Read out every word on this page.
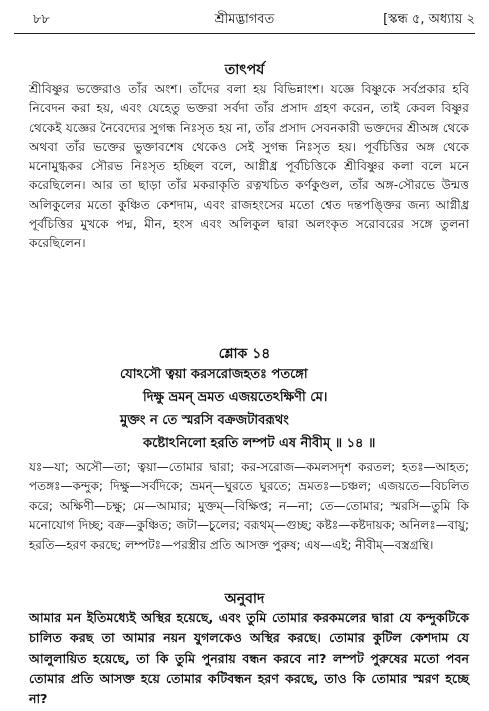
৮৮	শ্রীমদ্ভাগবত	[স্কন্ধ ৫, অধ্যায় ২
তাৎপর্য
শ্রীবিষ্ণুর ভক্তেরাও তাঁর অংশ। তাঁদের বলা হয় বিভিন্নাংশ। যজ্ঞে বিষ্ণুকে সর্বপ্রকার হবি নিবেদন করা হয়, এবং যেহেতু ভক্তরা সর্বদা তাঁর প্রসাদ গ্রহণ করেন, তাই কেবল বিষ্ণুর থেকেই যজ্ঞের নৈবেদ্যের সুগন্ধ নিঃসৃত হয় না, তাঁর প্রসাদ সেবনকারী ভক্তদের শ্রীঅঙ্গ থেকে অথবা তাঁর ভক্তের ভুক্তাবশেষ থেকেও সেই সুগন্ধ নিঃসৃত হয়। পূর্বচিত্তির অঙ্গ থেকে মনোমুগ্ধকর সৌরভ নিঃসৃত হচ্ছিল বলে, আগ্নীধ্র পূর্বচিত্তিকে শ্রীবিষ্ণুর কলা বলে মনে করেছিলেন। আর তা ছাড়া তাঁর মকরাকৃতি রত্নখচিত কর্ণকুণ্ডল, তাঁর অঙ্গ-সৌরভে উন্মত্ত অলিকুলের মতো কুঞ্চিত কেশদাম, এবং রাজহংসের মতো শ্বেত দন্তপঙ্ক্তির জন্য আগ্নীধ্র পূর্বচিত্তির মুখকে পদ্ম, মীন, হংস এবং অলিকুল দ্বারা অলংকৃত সরোবরের সঙ্গে তুলনা করেছিলেন।
শ্লোক ১৪
যোঽসৌ ত্বয়া করসরোজহতঃ পতঙ্গো
দিক্ষু ভ্রমন্ ভ্রমত এজয়তেঽক্ষিণী মে।
মুক্তং ন তে স্মরসি বক্রজটাবরূথং
কষ্টোঽনিলো হরতি লম্পট এষ নীবীম্ ॥ ১৪ ॥
যঃ—যা; অসৌ—তা; ত্বয়া—তোমার দ্বারা; কর-সরোজ—কমলসদৃশ করতল; হতঃ—আহত; পতঙ্গঃ—কন্দুক; দিক্ষু—সর্বদিকে; ভ্রমন্—ঘুরতে ঘুরতে; ভ্রমতঃ—চঞ্চল; এজয়তে—বিচলিত করে; অক্ষিণী—চক্ষু; মে—আমার; মুক্তম্—বিক্ষিপ্ত; ন—না; তে—তোমার; স্মরসি—তুমি কি মনোযোগ দিচ্ছ; বক্র—কুঞ্চিত; জটা—চুলের; বরূথম্—গুচ্ছ; কষ্টঃ—কষ্টদায়ক; অনিলঃ—বায়ু; হরতি—হরণ করছে; লম্পটঃ—পরস্ত্রীর প্রতি আসক্ত পুরুষ; এষ—এই; নীবীম্—বস্ত্রগ্রন্থি।
অনুবাদ
আমার মন ইতিমধ্যেই অস্থির হয়েছে, এবং তুমি তোমার করকমলের দ্বারা যে কন্দুকটিকে চালিত করছ তা আমার নয়ন যুগলকেও অস্থির করছে। তোমার কুটিল কেশদাম যে আলুলায়িত হয়েছে, তা কি তুমি পুনরায় বন্ধন করবে না? লম্পট পুরুষের মতো পবন তোমার প্রতি আসক্ত হয়ে তোমার কটিবন্ধন হরণ করছে, তাও কি তোমার স্মরণ হচ্ছে না?
